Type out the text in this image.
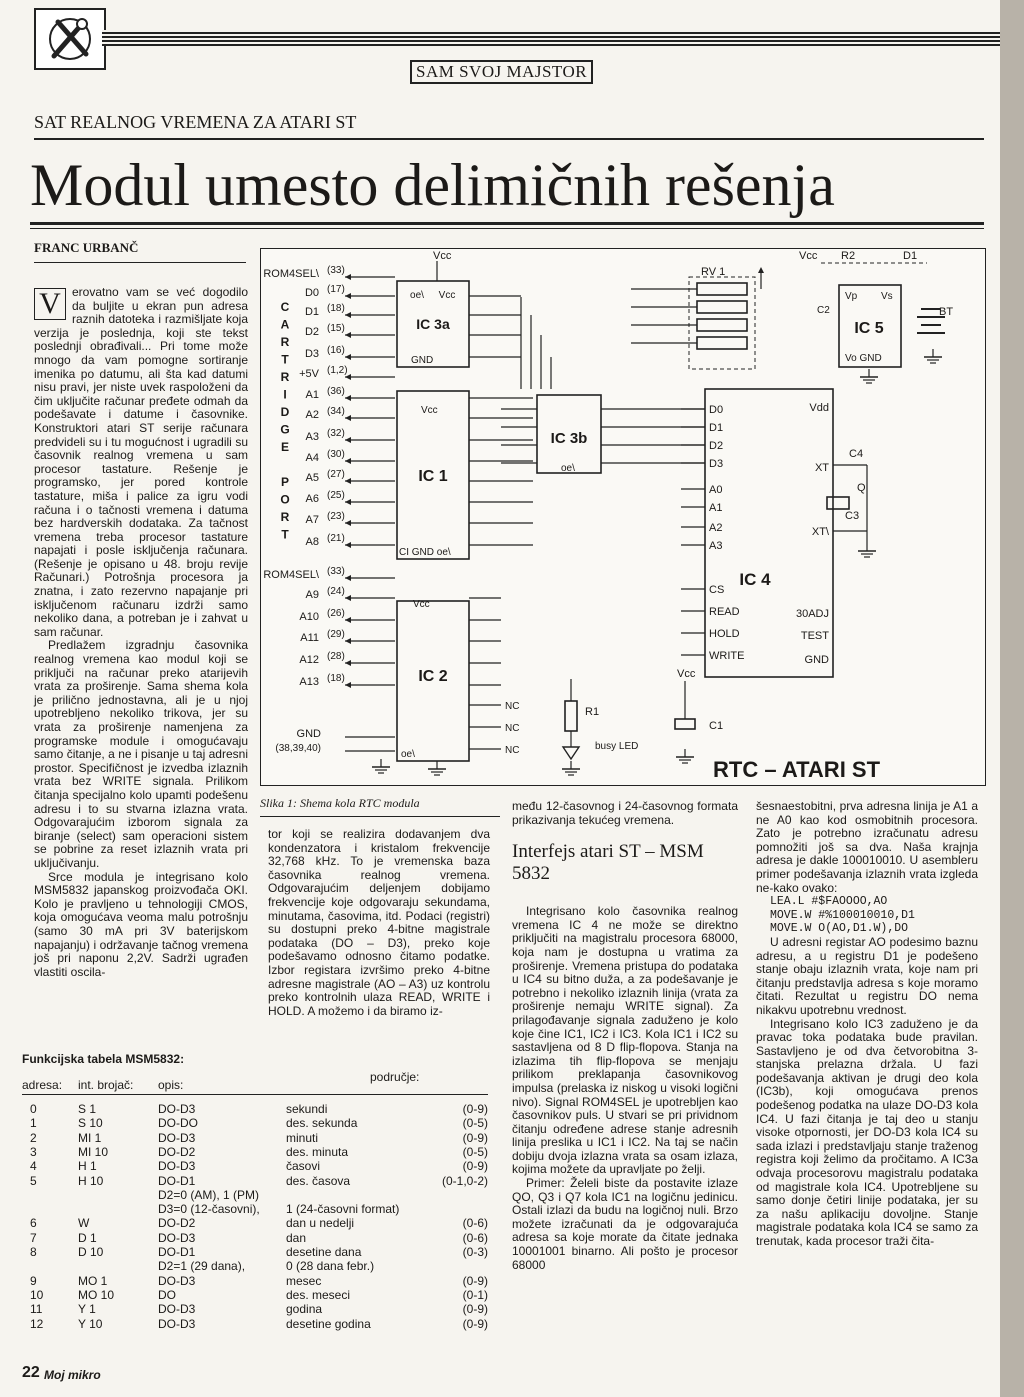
SAM SVOJ MAJSTOR
SAT REALNOG VREMENA ZA ATARI ST
Modul umesto delimičnih rešenja
FRANC URBANČ
V erovatno vam se već dogodilo da buljite u ekran pun adresa raznih datoteka i razmišljate koja verzija je poslednja, koji ste tekst poslednji obrađivali... Pri tome može mnogo da vam pomogne sortiranje imenika po datumu, ali šta kad datumi nisu pravi, jer niste uvek raspoloženi da čim uključite računar pređete odmah da podešavate i datume i časovnike. Konstruktori atari ST serije računara predvideli su i tu mogućnost i ugradili su časovnik realnog vremena u sam procesor tastature. Rešenje je programsko, jer pored kontrole tastature, miša i palice za igru vodi računa i o tačnosti vremena i datuma bez hardverskih dodataka. Za tačnost vremena treba procesor tastature napajati i posle isključenja računara. (Rešenje je opisano u 48. broju revije Računari.) Potrošnja procesora ja znatna, i zato rezervno napajanje pri isključenom računaru izdrži samo nekoliko dana, a potreban je i zahvat u sam računar.

Predlažem izgradnju časovnika realnog vremena kao modul koji se priključi na računar preko atarijevih vrata za proširenje. Sama shema kola je prilično jednostavna, ali je u njoj upotrebljeno nekoliko trikova, jer su vrata za proširenje namenjena za programske module i omogućavaju samo čitanje, a ne i pisanje u taj adresni prostor. Specifičnost je izvedba izlaznih vrata bez WRITE signala. Prilikom čitanja specijalno kolo upamti podešenu adresu i to su stvarna izlazna vrata. Odgovarajućim izborom signala za biranje (select) sam operacioni sistem se pobrine za reset izlaznih vrata pri uključivanju.

Srce modula je integrisano kolo MSM5832 japanskog proizvođača OKI. Kolo je pravljeno u tehnologiji CMOS, koja omogućava veoma malu potrošnju (samo 30 mA pri 3V baterijskom napajanju) i održavanje tačnog vremena još pri naponu 2,2V. Sadrži ugrađen vlastiti oscila-

ROM4SEL\ (33)
D0 (17)
D1 (18)
D2 (15)
D3 (16)
+5V (1,2)
A1 (36)
A2 (34)
A3 (32)
A4 (30)
A5 (27)
A6 (25)
A7 (23)
A8 (21)
ROM4SEL\ (33)
A9 (24)
A10 (26)
A11 (29)
A12 (28)
A13 (18)
C
A
R
T
R
I
D
G
E
P
O
R
T
IC 3a
oe\ Vcc
GND
Vcc
IC 1
Vcc
CI GND oe\
IC 2
Vcc
oe\
GND
(38,39,40)
NC
NC
NC
IC 3b
oe\
RV 1
IC 4
D0
D1
D2
D3
A0
A1
A2
A3
CS
READ
HOLD
WRITE
Vdd
XT
XT\
30ADJ
TEST
GND
C4
Q
C3
IC 5
Vp Vs
Vo GND
C2
Vcc R2	D1
BT
R1
busy LED
Vcc
C1
RTC – ATARI ST
Slika 1: Shema kola RTC modula

tor koji se realizira dodavanjem dva kondenzatora i kristalom frekvencije 32,768 kHz. To je vremenska baza časovnika realnog vremena. Odgovarajućim deljenjem dobijamo frekvencije koje odgovaraju sekundama, minutama, časovima, itd. Podaci (registri) su dostupni preko 4-bitne magistrale podataka (DO – D3), preko koje podešavamo odnosno čitamo podatke. Izbor registara izvršimo preko 4-bitne adresne magistrale (AO – A3) uz kontrolu preko kontrolnih ulaza READ, WRITE i HOLD. A možemo i da biramo iz-

među 12-časovnog i 24-časovnog formata prikazivanja tekućeg vremena.

Interfejs atari ST – MSM 5832

Integrisano kolo časovnika realnog vremena IC 4 ne može se direktno priključiti na magistralu procesora 68000, koja nam je dostupna u vratima za proširenje. Vremena pristupa do podataka u IC4 su bitno duža, a za podešavanje je potrebno i nekoliko izlaznih linija (vrata za proširenje nemaju WRITE signal). Za prilagođavanje signala zaduženo je kolo koje čine IC1, IC2 i IC3. Kola IC1 i IC2 su sastavljena od 8 D flip-flopova. Stanja na izlazima tih flip-flopova se menjaju prilikom preklapanja časovnikovog impulsa (prelaska iz niskog u visoki logični nivo). Signal ROM4SEL je upotrebljen kao časovnikov puls. U stvari se pri prividnom čitanju određene adrese stanje adresnih linija preslika u IC1 i IC2. Na taj se način dobiju dvoja izlazna vrata sa osam izlaza, kojima možete da upravljate po želji.

Primer: Želeli biste da postavite izlaze QO, Q3 i Q7 kola IC1 na logičnu jedinicu. Ostali izlazi da budu na logičnoj nuli. Brzo možete izračunati da je odgovarajuća adresa sa koje morate da čitate jednaka 10001001 binarno. Ali pošto je procesor 68000

šesnaestobitni, prva adresna linija je A1 a ne A0 kao kod osmobitnih procesora. Zato je potrebno izračunatu adresu pomnožiti još sa dva. Naša krajnja adresa je dakle 100010010. U asembleru primer podešavanja izlaznih vrata izgleda ne-kako ovako:

LEA.L #$FAOOOO,AO
MOVE.W #%100010010,D1
MOVE.W O(AO,D1.W),DO

U adresni registar AO podesimo baznu adresu, a u registru D1 je podešeno stanje obaju izlaznih vrata, koje nam pri čitanju predstavlja adresa s koje moramo čitati. Rezultat u registru DO nema nikakvu upotrebnu vrednost.

Integrisano kolo IC3 zaduženo je da pravac toka podataka bude pravilan. Sastavljeno je od dva četvorobitna 3-stanjska prelazna držala. U fazi podešavanja aktivan je drugi deo kola (IC3b), koji omogućava prenos podešenog podatka na ulaze DO-D3 kola IC4. U fazi čitanja je taj deo u stanju visoke otpornosti, jer DO-D3 kola IC4 su sada izlazi i predstavljaju stanje traženog registra koji želimo da pročitamo. A IC3a odvaja procesorovu magistralu podataka od magistrale kola IC4. Upotrebljene su samo donje četiri linije podataka, jer su za našu aplikaciju dovoljne. Stanje magistrale podataka kola IC4 se samo za trenutak, kada procesor traži čita-

Funkcijska tabela MSM5832:
adresa: int. brojač: opis:
područje:
0	S 1	DO-D3	sekundi	(0-9)
1	S 10	DO-DO	des. sekunda	(0-5)
2	MI 1	DO-D3	minuti	(0-9)
3	MI 10	DO-D2	des. minuta	(0-5)
4	H 1	DO-D3	časovi	(0-9)
5	H 10	DO-D1	des. časova	(0-1,0-2)
D2=0 (AM), 1 (PM)
D3=0 (12-časovni), 1 (24-časovni format)
6	W	DO-D2	dan u nedelji	(0-6)
7	D 1	DO-D3	dan	(0-6)
8	D 10	DO-D1	desetine dana	(0-3)
D2=1 (29 dana),	0 (28 dana febr.)
9	MO 1	DO-D3	mesec	(0-9)
10	MO 10	DO	des. meseci	(0-1)
11	Y 1	DO-D3	godina	(0-9)
12	Y 10	DO-D3	desetine godina	(0-9)
22 Moj mikro
